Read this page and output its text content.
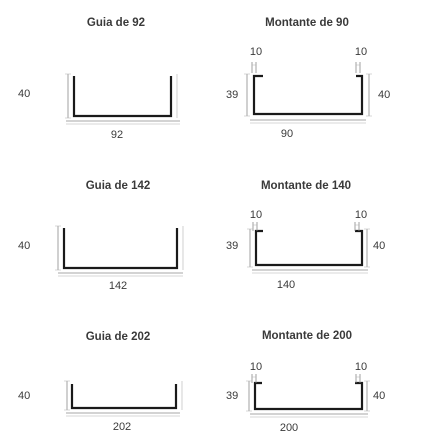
Guia de 92
40
92
Guia de 142
40
142
Guia de 202
40
202
Montante de 90
10	10
39	40
90
Montante de 140
10	10
39	40
140
Montante de 200
10	10
39	40
200
